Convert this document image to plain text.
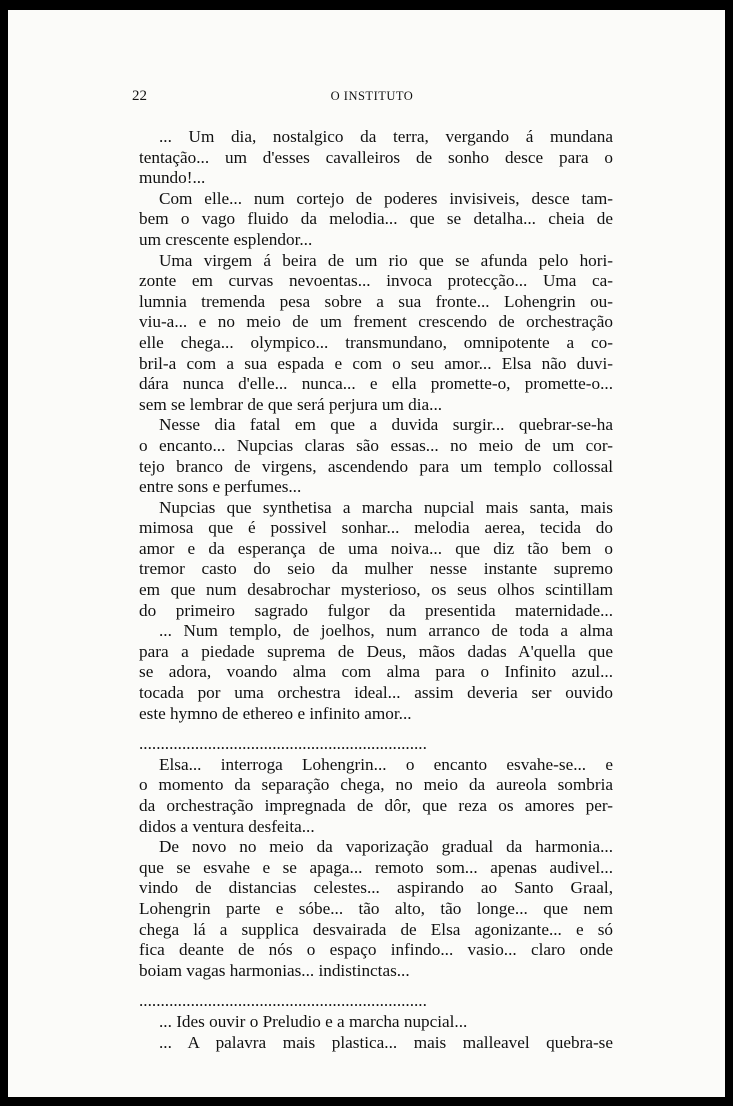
22	O INSTITUTO
... Um dia, nostalgico da terra, vergando á mundana
tentação... um d'esses cavalleiros de sonho desce para o
mundo!...
Com elle... num cortejo de poderes invisiveis, desce tam-
bem o vago fluido da melodia... que se detalha... cheia de
um crescente esplendor...
Uma virgem á beira de um rio que se afunda pelo hori-
zonte em curvas nevoentas... invoca protecção... Uma ca-
lumnia tremenda pesa sobre a sua fronte... Lohengrin ou-
viu-a... e no meio de um frement crescendo de orchestração
elle chega... olympico... transmundano, omnipotente a co-
bril-a com a sua espada e com o seu amor... Elsa não duvi-
dára nunca d'elle... nunca... e ella promette-o, promette-o...
sem se lembrar de que será perjura um dia...
Nesse dia fatal em que a duvida surgir... quebrar-se-ha
o encanto... Nupcias claras são essas... no meio de um cor-
tejo branco de virgens, ascendendo para um templo collossal
entre sons e perfumes...
Nupcias que synthetisa a marcha nupcial mais santa, mais
mimosa que é possivel sonhar... melodia aerea, tecida do
amor e da esperança de uma noiva... que diz tão bem o
tremor casto do seio da mulher nesse instante supremo
em que num desabrochar mysterioso, os seus olhos scintillam
do primeiro sagrado fulgor da presentida maternidade...
... Num templo, de joelhos, num arranco de toda a alma
para a piedade suprema de Deus, mãos dadas A'quella que
se adora, voando alma com alma para o Infinito azul...
tocada por uma orchestra ideal... assim deveria ser ouvido
este hymno de ethereo e infinito amor...
...................................................................
Elsa... interroga Lohengrin... o encanto esvahe-se... e
o momento da separação chega, no meio da aureola sombria
da orchestração impregnada de dôr, que reza os amores per-
didos a ventura desfeita...
De novo no meio da vaporização gradual da harmonia...
que se esvahe e se apaga... remoto som... apenas audivel...
vindo de distancias celestes... aspirando ao Santo Graal,
Lohengrin parte e sóbe... tão alto, tão longe... que nem
chega lá a supplica desvairada de Elsa agonizante... e só
fica deante de nós o espaço infindo... vasio... claro onde
boiam vagas harmonias... indistinctas...
...................................................................
... Ides ouvir o Preludio e a marcha nupcial...
... A palavra mais plastica... mais malleavel quebra-se
